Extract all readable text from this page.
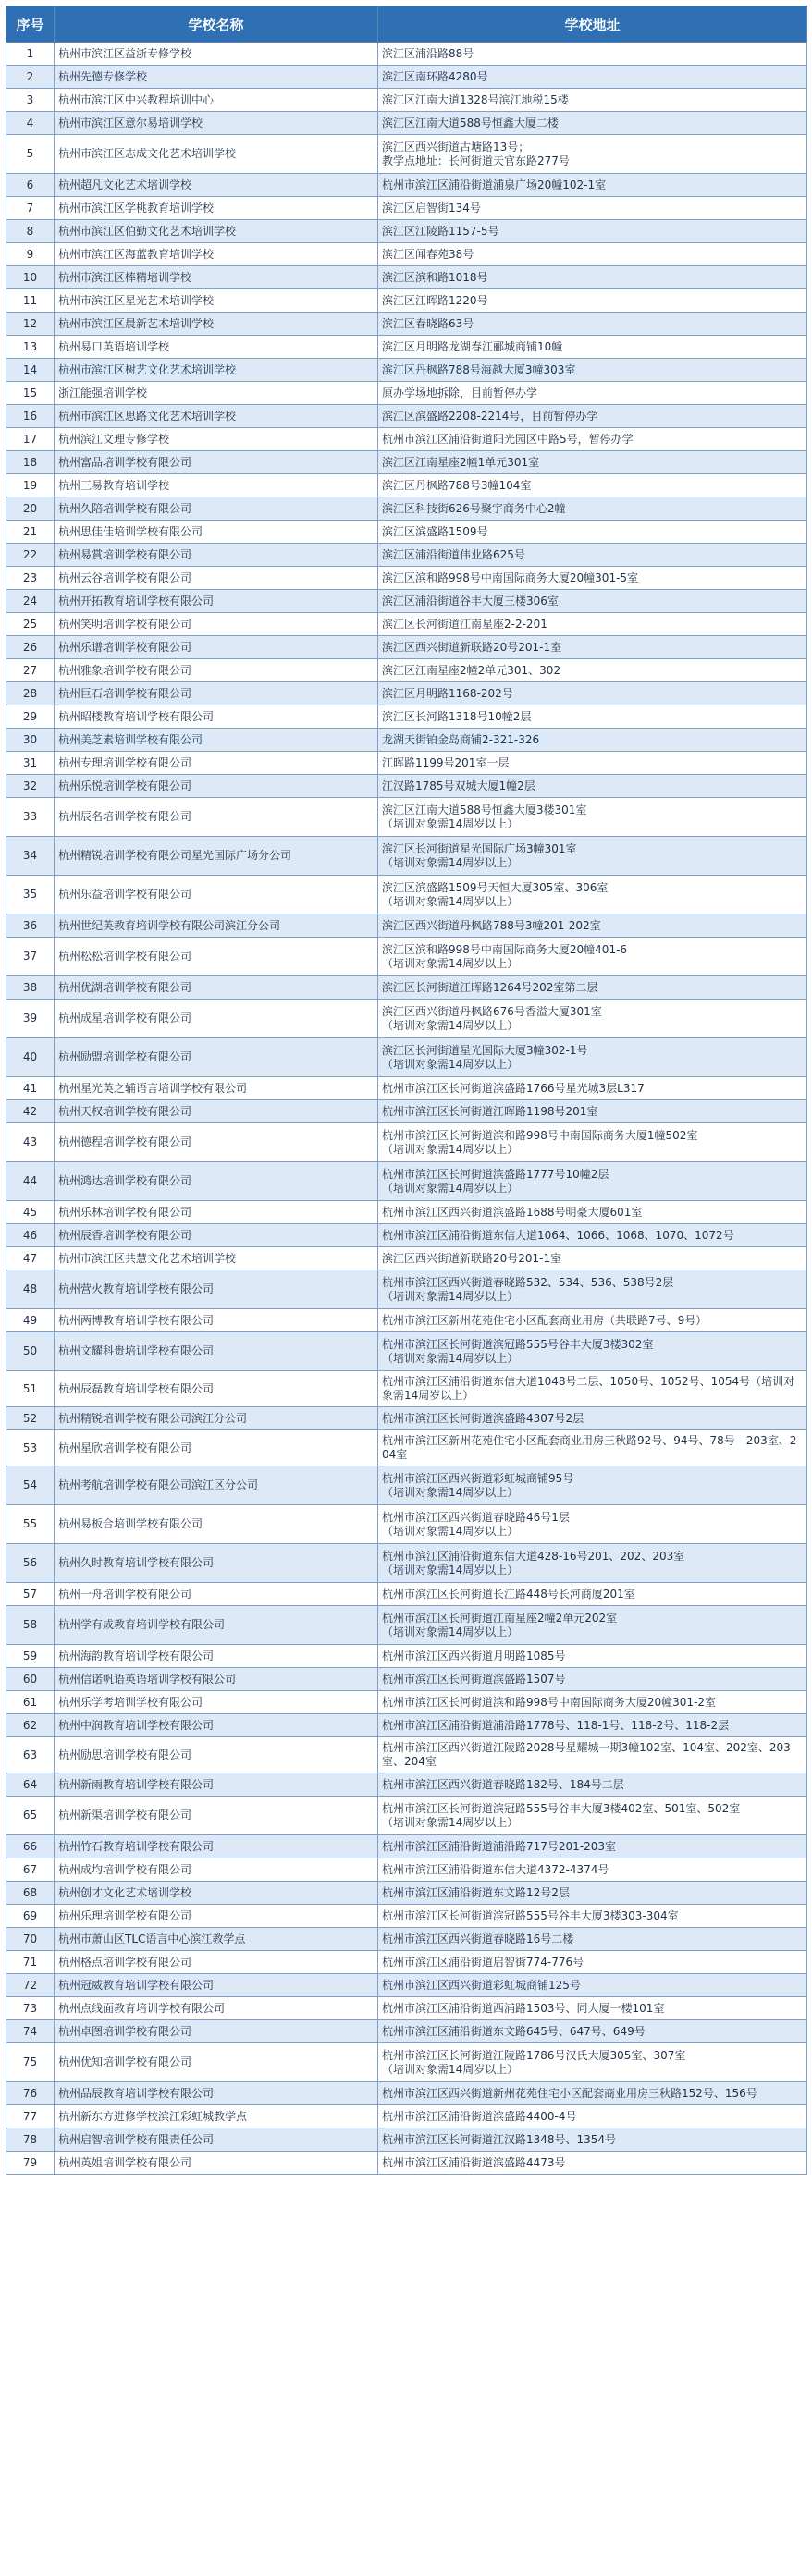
序号	学校名称	学校地址
1	杭州市滨江区益浙专修学校	滨江区浦沿路88号

2	杭州先德专修学校	滨江区南环路4280号

3	杭州市滨江区中兴教程培训中心	滨江区江南大道1328号滨江地税15楼

4	杭州市滨江区意尔易培训学校	滨江区江南大道588号恒鑫大厦二楼

5	杭州市滨江区志成文化艺术培训学校	滨江区西兴街道古塘路13号；
教学点地址：长河街道天官东路277号

6	杭州超凡文化艺术培训学校	杭州市滨江区浦沿街道浦泉广场20幢102-1室

7	杭州市滨江区学桃教育培训学校	滨江区启智街134号

8	杭州市滨江区伯勤文化艺术培训学校	滨江区江陵路1157-5号

9	杭州市滨江区海蓝教育培训学校	滨江区闻春苑38号

10	杭州市滨江区棒精培训学校	滨江区滨和路1018号

11	杭州市滨江区星光艺术培训学校	滨江区江晖路1220号

12	杭州市滨江区晨新艺术培训学校	滨江区春晓路63号

13	杭州易口英语培训学校	滨江区月明路龙湖春江郦城商铺10幢

14	杭州市滨江区树艺文化艺术培训学校	滨江区丹枫路788号海越大厦3幢303室

15	浙江能强培训学校	原办学场地拆除，目前暂停办学

16	杭州市滨江区思路文化艺术培训学校	滨江区滨盛路2208-2214号，目前暂停办学

17	杭州滨江文理专修学校	杭州市滨江区浦沿街道阳光园区中路5号，暂停办学

18	杭州富品培训学校有限公司	滨江区江南星座2幢1单元301室

19	杭州三易教育培训学校	滨江区丹枫路788号3幢104室

20	杭州久陪培训学校有限公司	滨江区科技街626号聚宇商务中心2幢

21	杭州思佳佳培训学校有限公司	滨江区滨盛路1509号

22	杭州易賞培训学校有限公司	滨江区浦沿街道伟业路625号

23	杭州云谷培训学校有限公司	滨江区滨和路998号中南国际商务大厦20幢301-5室

24	杭州开拓教育培训学校有限公司	滨江区浦沿街道谷丰大厦三楼306室

25	杭州笑明培训学校有限公司	滨江区长河街道江南星座2-2-201

26	杭州乐谱培训学校有限公司	滨江区西兴街道新联路20号201-1室

27	杭州雅象培训学校有限公司	滨江区江南星座2幢2单元301、302

28	杭州巨石培训学校有限公司	滨江区月明路1168-202号

29	杭州昭楼教育培训学校有限公司	滨江区长河路1318号10幢2层

30	杭州美芝素培训学校有限公司	龙湖天街铂金岛商铺2-321-326

31	杭州专理培训学校有限公司	江晖路1199号201室一层

32	杭州乐悦培训学校有限公司	江汉路1785号双城大厦1幢2层

33	杭州辰名培训学校有限公司	滨江区江南大道588号恒鑫大厦3楼301室
（培训对象需14周岁以上）

34	杭州精锐培训学校有限公司星光国际广场分公司	滨江区长河街道星光国际广场3幢301室
（培训对象需14周岁以上）

35	杭州乐益培训学校有限公司	滨江区滨盛路1509号天恒大厦305室、306室
（培训对象需14周岁以上）

36	杭州世纪英教育培训学校有限公司滨江分公司	滨江区西兴街道丹枫路788号3幢201-202室

37	杭州松松培训学校有限公司	滨江区滨和路998号中南国际商务大厦20幢401-6
（培训对象需14周岁以上）

38	杭州优湖培训学校有限公司	滨江区长河街道江晖路1264号202室第二层

39	杭州成星培训学校有限公司	滨江区西兴街道丹枫路676号香溢大厦301室
（培训对象需14周岁以上）

40	杭州励盟培训学校有限公司	滨江区长河街道星光国际大厦3幢302-1号
（培训对象需14周岁以上）

41	杭州星光英之辅语言培训学校有限公司	杭州市滨江区长河街道滨盛路1766号星光城3层L317

42	杭州天权培训学校有限公司	杭州市滨江区长河街道江晖路1198号201室

43	杭州德程培训学校有限公司	杭州市滨江区长河街道滨和路998号中南国际商务大厦1幢502室
（培训对象需14周岁以上）

44	杭州鸿达培训学校有限公司	杭州市滨江区长河街道滨盛路1777号10幢2层
（培训对象需14周岁以上）

45	杭州乐林培训学校有限公司	杭州市滨江区西兴街道滨盛路1688号明豪大厦601室

46	杭州辰香培训学校有限公司	杭州市滨江区浦沿街道东信大道1064、1066、1068、1070、1072号

47	杭州市滨江区共慧文化艺术培训学校	滨江区西兴街道新联路20号201-1室

48	杭州营火教育培训学校有限公司	杭州市滨江区西兴街道春晓路532、534、536、538号2层
（培训对象需14周岁以上）

49	杭州两博教育培训学校有限公司	杭州市滨江区新州花苑住宅小区配套商业用房（共联路7号、9号）

50	杭州文耀科贵培训学校有限公司	杭州市滨江区长河街道滨冠路555号谷丰大厦3楼302室
（培训对象需14周岁以上）

51	杭州辰磊教育培训学校有限公司	杭州市滨江区浦沿街道东信大道1048号二层、1050号、1052号、1054号（培训对象需14周岁以上）

52	杭州精锐培训学校有限公司滨江分公司	杭州市滨江区长河街道滨盛路4307号2层

53	杭州星欣培训学校有限公司	杭州市滨江区新州花苑住宅小区配套商业用房三秋路92号、94号、78号—203室、204室

54	杭州考航培训学校有限公司滨江区分公司	杭州市滨江区西兴街道彩虹城商铺95号
（培训对象需14周岁以上）

55	杭州易板合培训学校有限公司	杭州市滨江区西兴街道春晓路46号1层
（培训对象需14周岁以上）

56	杭州久时教育培训学校有限公司	杭州市滨江区浦沿街道东信大道428-16号201、202、203室
（培训对象需14周岁以上）

57	杭州一舟培训学校有限公司	杭州市滨江区长河街道长江路448号长河商厦201室

58	杭州学有成教育培训学校有限公司	杭州市滨江区长河街道江南星座2幢2单元202室
（培训对象需14周岁以上）

59	杭州海韵教育培训学校有限公司	杭州市滨江区西兴街道月明路1085号

60	杭州信诺帆语英语培训学校有限公司	杭州市滨江区长河街道滨盛路1507号

61	杭州乐学考培训学校有限公司	杭州市滨江区长河街道滨和路998号中南国际商务大厦20幢301-2室

62	杭州中润教育培训学校有限公司	杭州市滨江区浦沿街道浦沿路1778号、118-1号、118-2号、118-2层

63	杭州励思培训学校有限公司	杭州市滨江区西兴街道江陵路2028号星耀城一期3幢102室、104室、202室、203室、204室

64	杭州新雨教育培训学校有限公司	杭州市滨江区西兴街道春晓路182号、184号二层

65	杭州新渠培训学校有限公司	杭州市滨江区长河街道滨冠路555号谷丰大厦3楼402室、501室、502室
（培训对象需14周岁以上）

66	杭州竹石教育培训学校有限公司	杭州市滨江区浦沿街道浦沿路717号201-203室

67	杭州成均培训学校有限公司	杭州市滨江区浦沿街道东信大道4372-4374号

68	杭州创才文化艺术培训学校	杭州市滨江区浦沿街道东文路12号2层

69	杭州乐理培训学校有限公司	杭州市滨江区长河街道滨冠路555号谷丰大厦3楼303-304室

70	杭州市萧山区TLC语言中心滨江教学点	杭州市滨江区西兴街道春晓路16号二楼

71	杭州格点培训学校有限公司	杭州市滨江区浦沿街道启智街774-776号

72	杭州冠威教育培训学校有限公司	杭州市滨江区西兴街道彩虹城商铺125号

73	杭州点线面教育培训学校有限公司	杭州市滨江区浦沿街道西浦路1503号、同大厦一楼101室

74	杭州卓图培训学校有限公司	杭州市滨江区浦沿街道东文路645号、647号、649号

75	杭州优知培训学校有限公司	杭州市滨江区长河街道江陵路1786号汉氏大厦305室、307室
（培训对象需14周岁以上）

76	杭州品辰教育培训学校有限公司	杭州市滨江区西兴街道新州花苑住宅小区配套商业用房三秋路152号、156号

77	杭州新东方进修学校滨江彩虹城教学点	杭州市滨江区浦沿街道滨盛路4400-4号

78	杭州启智培训学校有限责任公司	杭州市滨江区长河街道江汉路1348号、1354号

79	杭州英姐培训学校有限公司	杭州市滨江区浦沿街道滨盛路4473号
